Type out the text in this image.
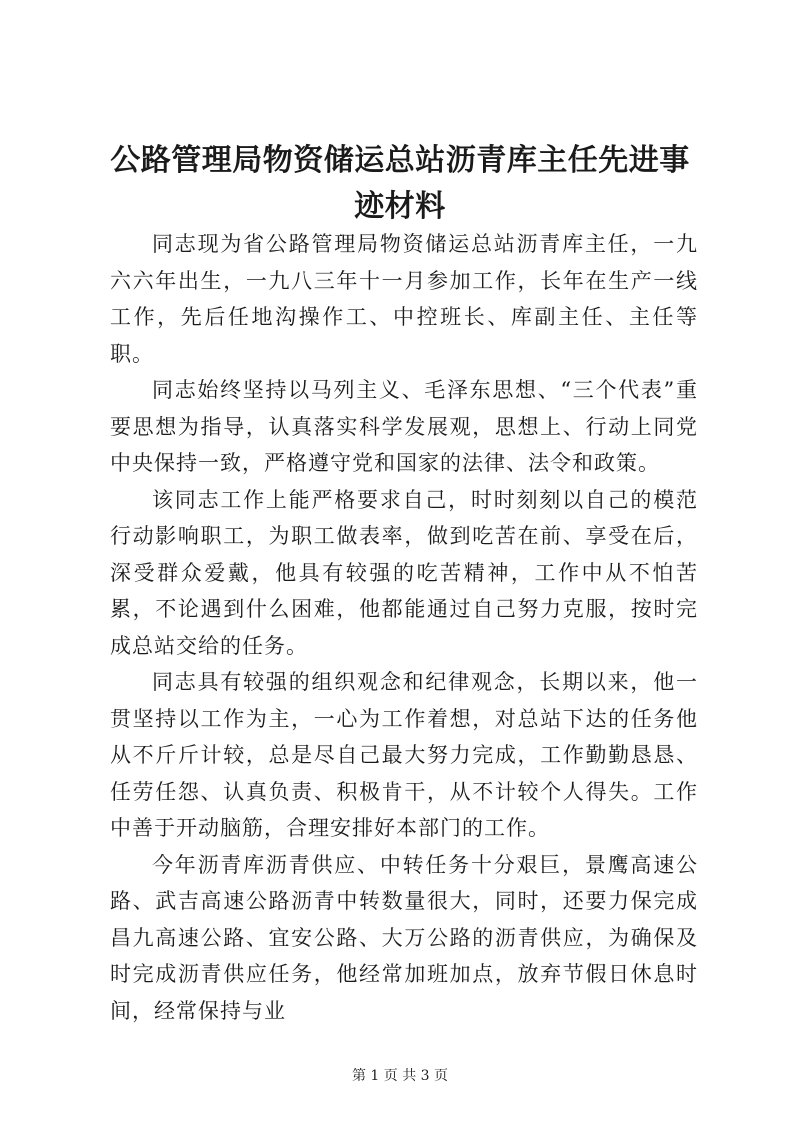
公路管理局物资储运总站沥青库主任先进事迹材料

同志现为省公路管理局物资储运总站沥青库主任，一九六六年出生，一九八三年十一月参加工作，长年在生产一线工作，先后任地沟操作工、中控班长、库副主任、主任等职。

同志始终坚持以马列主义、毛泽东思想、“三个代表”重要思想为指导，认真落实科学发展观，思想上、行动上同党中央保持一致，严格遵守党和国家的法律、法令和政策。

该同志工作上能严格要求自己，时时刻刻以自己的模范行动影响职工，为职工做表率，做到吃苦在前、享受在后，深受群众爱戴，他具有较强的吃苦精神，工作中从不怕苦累，不论遇到什么困难，他都能通过自己努力克服，按时完成总站交给的任务。

同志具有较强的组织观念和纪律观念，长期以来，他一贯坚持以工作为主，一心为工作着想，对总站下达的任务他从不斤斤计较，总是尽自己最大努力完成，工作勤勤恳恳、任劳任怨、认真负责、积极肯干，从不计较个人得失。工作中善于开动脑筋，合理安排好本部门的工作。

今年沥青库沥青供应、中转任务十分艰巨，景鹰高速公路、武吉高速公路沥青中转数量很大，同时，还要力保完成昌九高速公路、宜安公路、大万公路的沥青供应，为确保及时完成沥青供应任务，他经常加班加点，放弃节假日休息时间，经常保持与业

第 1 页 共 3 页
